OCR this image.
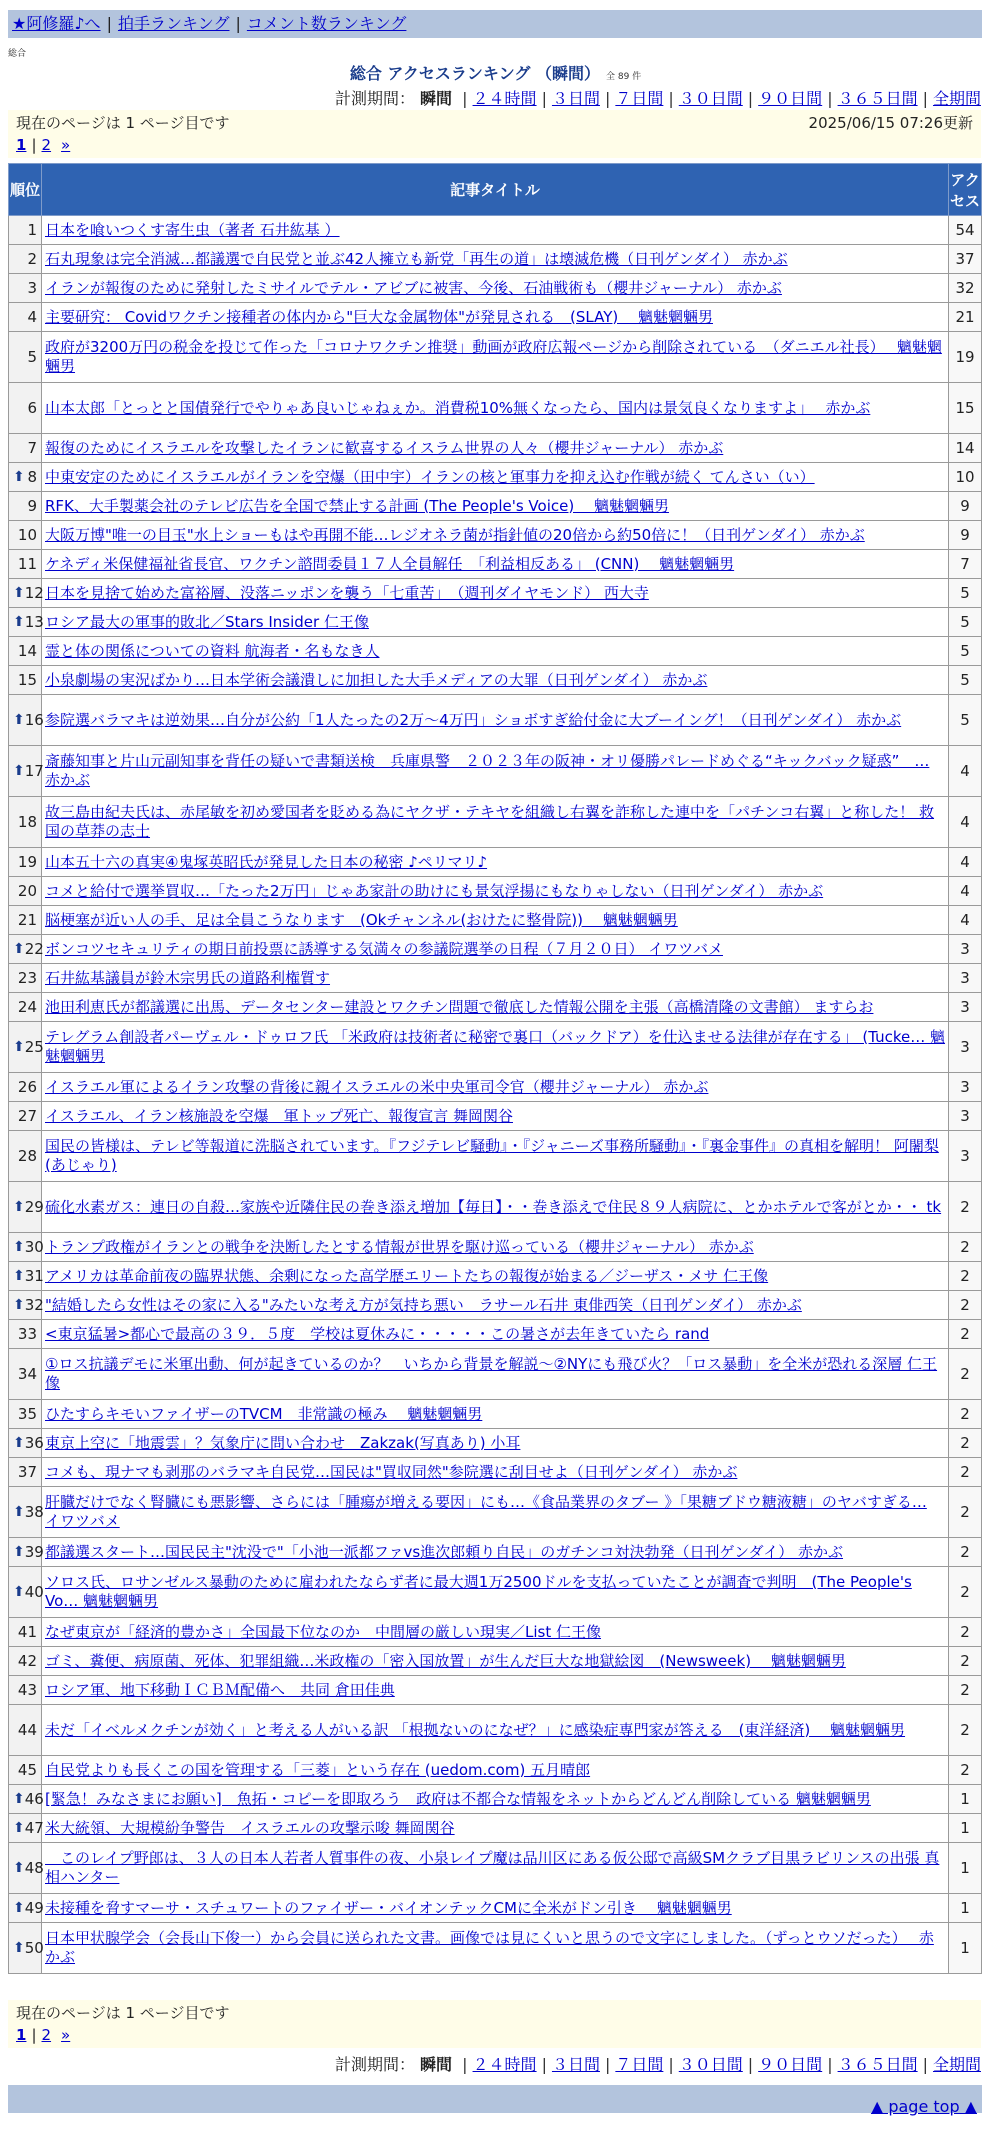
★阿修羅♪へ | 拍手ランキング | コメント数ランキング
総合
総合 アクセスランキング （瞬間） 全 89 件
計測期間： 瞬間 | ２４時間 | ３日間 | ７日間 | ３０日間 | ９０日間 | ３６５日間 | 全期間
現在のページは 1 ページ目です	2025/06/15 07:26更新
1 | 2 »
順位	記事タイトル	アクセス
1	日本を喰いつくす寄生虫（著者 石井紘基 ）	54
2	石丸現象は完全消滅…都議選で自民党と並ぶ42人擁立も新党「再生の道」は壊滅危機（日刊ゲンダイ） 赤かぶ	37
3	イランが報復のために発射したミサイルでテル・アビブに被害、今後、石油戦術も（櫻井ジャーナル） 赤かぶ	32
4	主要研究： Covidワクチン接種者の体内から"巨大な金属物体"が発見される　(SLAY)　 魑魅魍魎男	21
5	政府が3200万円の税金を投じて作った「コロナワクチン推奨」動画が政府広報ページから削除されている　（ダニエル社長）　 魑魅魍魎男	19
6	山本太郎「とっとと国債発行でやりゃあ良いじゃねぇか。消費税10%無くなったら、国内は景気良くなりますよ」　 赤かぶ	15
7	報復のためにイスラエルを攻撃したイランに歓喜するイスラム世界の人々（櫻井ジャーナル） 赤かぶ	14

⬆ 8	中東安定のためにイスラエルがイランを空爆（田中宇）イランの核と軍事力を抑え込む作戦が続く てんさい（い）	10
9	RFK、大手製薬会社のテレビ広告を全国で禁止する計画 (The People's Voice)　 魑魅魍魎男	9
10	大阪万博"唯一の目玉"水上ショーもはや再開不能…レジオネラ菌が指針値の20倍から約50倍に！（日刊ゲンダイ） 赤かぶ	9
11	ケネディ米保健福祉省長官、ワクチン諮問委員１７人全員解任　「利益相反ある」 (CNN)　 魑魅魍魎男	7

⬆ 12	日本を見捨て始めた富裕層、没落ニッポンを襲う「七重苦」　（週刊ダイヤモンド） 西大寺	5

⬆ 13	ロシア最大の軍事的敗北／Stars Insider 仁王像	5
14	霊と体の関係についての資料 航海者・名もなき人	5
15	小泉劇場の実況ばかり…日本学術会議潰しに加担した大手メディアの大罪（日刊ゲンダイ） 赤かぶ	5

⬆ 16	参院選バラマキは逆効果…自分が公約「1人たったの2万～4万円」ショボすぎ給付金に大ブーイング！（日刊ゲンダイ） 赤かぶ	5

⬆ 17	斎藤知事と片山元副知事を背任の疑いで書類送検　兵庫県警　２０２３年の阪神・オリ優勝パレードめぐる“キックバック疑惑”　… 赤かぶ	4
18	故三島由紀夫氏は、赤尾敏を初め愛国者を貶める為にヤクザ・テキヤを組織し右翼を詐称した連中を「パチンコ右翼」と称した！ 救国の草莽の志士	4
19	山本五十六の真実④鬼塚英昭氏が発見した日本の秘密 ♪ペリマリ♪	4
20	コメと給付で選挙買収…「たった2万円」じゃあ家計の助けにも景気浮揚にもなりゃしない（日刊ゲンダイ） 赤かぶ	4
21	脳梗塞が近い人の手、足は全員こうなります　(Okチャンネル(おけたに整骨院))　 魑魅魍魎男	4

⬆ 22	ボンコツセキュリティの期日前投票に誘導する気満々の参議院選挙の日程（７月２０日） イワツバメ	3
23	石井紘基議員が鈴木宗男氏の道路利権質す	3
24	池田利恵氏が都議選に出馬、データセンター建設とワクチン問題で徹底した情報公開を主張（高橋清隆の文書館） ますらお	3

⬆ 25	テレグラム創設者パーヴェル・ドゥロフ氏 「米政府は技術者に秘密で裏口（バックドア）を仕込ませる法律が存在する」 (Tucke… 魑魅魍魎男	3
26	イスラエル軍によるイラン攻撃の背後に親イスラエルの米中央軍司令官（櫻井ジャーナル） 赤かぶ	3
27	イスラエル、イラン核施設を空爆　軍トップ死亡、報復宣言 舞岡関谷	3
28	国民の皆様は、テレビ等報道に洗脳されています。『フジテレビ騒動』・『ジャニーズ事務所騒動』・『裏金事件』の真相を解明！ 阿闍梨(あじゃり)	3

⬆ 29	硫化水素ガス：連日の自殺…家族や近隣住民の巻き添え増加【毎日】・・巻き添えで住民８９人病院に、とかホテルで客がとか・・ tk	2

⬆ 30	トランプ政権がイランとの戦争を決断したとする情報が世界を駆け巡っている（櫻井ジャーナル） 赤かぶ	2

⬆ 31	アメリカは革命前夜の臨界状態、余剰になった高学歴エリートたちの報復が始まる／ジーザス・メサ 仁王像	2

⬆ 32	"結婚したら女性はその家に入る"みたいな考え方が気持ち悪い　ラサール石井 東俳西笑（日刊ゲンダイ） 赤かぶ	2
33	<東京猛暑>都心で最高の３９．５度　学校は夏休みに・・・・・この暑さが去年きていたら rand	2
34	①ロス抗議デモに米軍出動、何が起きているのか？　いちから背景を解説～②NYにも飛び火？「ロス暴動」を全米が恐れる深層 仁王像	2
35	ひたすらキモいファイザーのTVCM　非常識の極み　 魑魅魍魎男	2

⬆ 36	東京上空に「地震雲」？気象庁に問い合わせ　Zakzak(写真あり) 小耳	2
37	コメも、現ナマも剥那のバラマキ自民党…国民は"買収同然"参院選に刮目せよ（日刊ゲンダイ） 赤かぶ	2

⬆ 38	肝臓だけでなく腎臓にも悪影響、さらには「腫瘍が増える要因」にも…《食品業界のタブー 》「果糖ブドウ糖液糖」のヤバすぎる… イワツバメ	2

⬆ 39	都議選スタート…国民民主"沈没で"「小池一派都ファvs進次郎頼り自民」のガチンコ対決勃発（日刊ゲンダイ） 赤かぶ	2

⬆ 40	ソロス氏、ロサンゼルス暴動のために雇われたならず者に最大週1万2500ドルを支払っていたことが調査で判明　(The People's Vo… 魑魅魍魎男	2
41	なぜ東京が「経済的豊かさ」全国最下位なのか　中間層の厳しい現実／List 仁王像	2
42	ゴミ、糞便、病原菌、死体、犯罪組織…米政権の「密入国放置」が生んだ巨大な地獄絵図　(Newsweek)　 魑魅魍魎男	2
43	ロシア軍、地下移動ＩＣＢＭ配備へ　共同 倉田佳典	2
44	未だ「イベルメクチンが効く」と考える人がいる訳 「根拠ないのになぜ？」に感染症専門家が答える　(東洋経済)　 魑魅魍魎男	2
45	自民党よりも長くこの国を管理する「三菱」という存在 (uedom.com) 五月晴郎	2

⬆ 46	[緊急！みなさまにお願い]　魚拓・コピーを即取ろう　政府は不都合な情報をネットからどんどん削除している 魑魅魍魎男	1

⬆ 47	米大統領、大規模紛争警告　イスラエルの攻撃示唆 舞岡関谷	1

⬆ 48	　このレイプ野郎は、３人の日本人若者人質事件の夜、小泉レイプ魔は品川区にある仮公邸で高級SMクラブ目黒ラビリンスの出張 真相ハンター	1

⬆ 49	未接種を脅すマーサ・スチュワートのファイザー・バイオンテックCMに全米がドン引き　 魑魅魍魎男	1

⬆ 50	日本甲状腺学会（会長山下俊一）から会員に送られた文書。画像では見にくいと思うので文字にしました。（ずっとウソだった）　 赤かぶ	1
現在のページは 1 ページ目です
1 | 2 »
計測期間： 瞬間 | ２４時間 | ３日間 | ７日間 | ３０日間 | ９０日間 | ３６５日間 | 全期間
▲ page top ▲
